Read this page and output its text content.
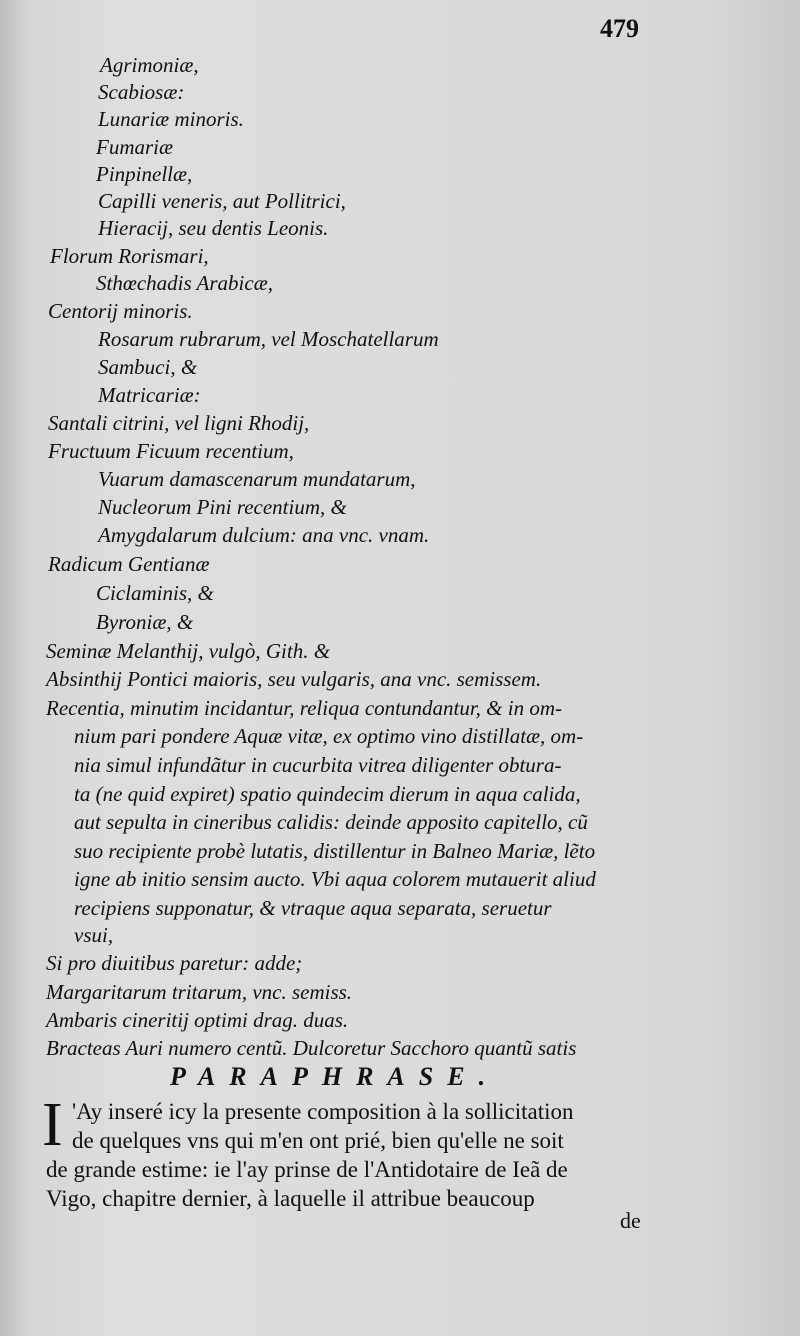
479
Agrimoniæ,
Scabiosæ:
Lunariæ minoris.
Fumariæ
Pinpinellæ,
Capilli veneris, aut Pollitrici,
Hieracij, seu dentis Leonis.
Florum Rorismari,
Sthœchadis Arabicæ,
Centorij minoris.
Rosarum rubrarum, vel Moschatellarum
Sambuci, &
Matricariæ:
Santali citrini, vel ligni Rhodij,
Fructuum Ficuum recentium,
Vuarum damascenarum mundatarum,
Nucleorum Pini recentium, &
Amygdalarum dulcium: ana vnc. vnam.
Radicum Gentianæ
Ciclaminis, &
Byroniæ, &
Seminæ Melanthij, vulgò, Gith. &
Absinthij Pontici maioris, seu vulgaris, ana vnc. semissem.
Recentia, minutim incidantur, reliqua contundantur, & in om-
nium pari pondere Aquæ vitæ, ex optimo vino distillatæ, om-
nia simul infundãtur in cucurbita vitrea diligenter obtura-
ta (ne quid expiret) spatio quindecim dierum in aqua calida,
aut sepulta in cineribus calidis: deinde apposito capitello, cũ
suo recipiente probè lutatis, distillentur in Balneo Mariæ, lẽto
igne ab initio sensim aucto. Vbi aqua colorem mutauerit aliud
recipiens supponatur, & vtraque aqua separata, seruetur
vsui,
Si pro diuitibus paretur: adde;
Margaritarum tritarum, vnc. semiss.
Ambaris cineritij optimi drag. duas.
Bracteas Auri numero centũ. Dulcoretur Sacchoro quantũ satis
PARAPHRASE.
I 'Ay inseré icy la presente composition à la sollicitation
de quelques vns qui m'en ont prié, bien qu'elle ne soit
de grande estime: ie l'ay prinse de l'Antidotaire de Ieã de
Vigo, chapitre dernier, à laquelle il attribue beaucoup
de
